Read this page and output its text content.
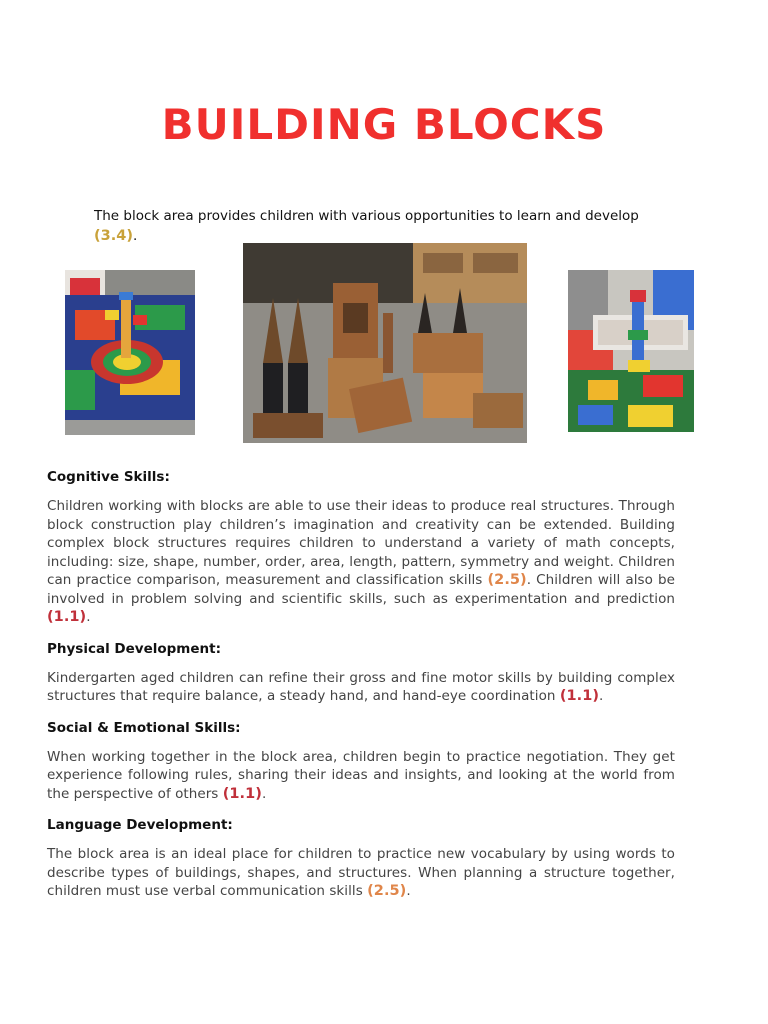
BUILDING BLOCKS

The block area provides children with various opportunities to learn and develop
(3.4).

Cognitive Skills:

Children working with blocks are able to use their ideas to produce real structures. Through block construction play children’s imagination and creativity can be extended. Building complex block structures requires children to understand a variety of math concepts, including: size, shape, number, order, area, length, pattern, symmetry and weight. Children can practice comparison, measurement and classification skills (2.5). Children will also be involved in problem solving and scientific skills, such as experimentation and prediction (1.1).

Physical Development:

Kindergarten aged children can refine their gross and fine motor skills by building complex structures that require balance, a steady hand, and hand-eye coordination (1.1).

Social & Emotional Skills:

When working together in the block area, children begin to practice negotiation. They get experience following rules, sharing their ideas and insights, and looking at the world from the perspective of others (1.1).

Language Development:

The block area is an ideal place for children to practice new vocabulary by using words to describe types of buildings, shapes, and structures. When planning a structure together, children must use verbal communication skills (2.5).
